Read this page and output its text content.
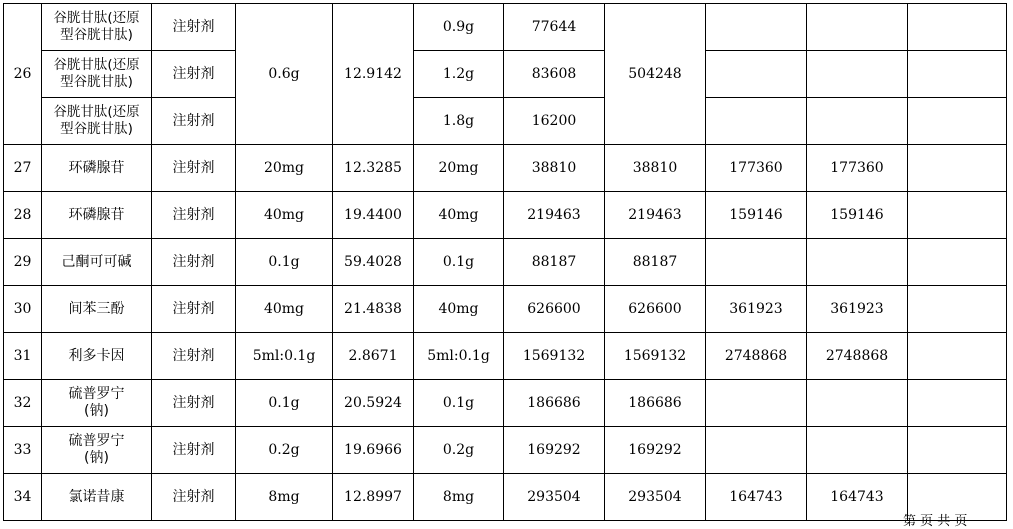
26	谷胱甘肽(还原
型谷胱甘肽)	注射剂	0.6g	12.9142	0.9g	77644	504248			
	谷胱甘肽(还原
型谷胱甘肽)	注射剂			1.2g	83608				
	谷胱甘肽(还原
型谷胱甘肽)	注射剂			1.8g	16200				
27	环磷腺苷	注射剂	20mg	12.3285	20mg	38810	38810	177360	177360	
28	环磷腺苷	注射剂	40mg	19.4400	40mg	219463	219463	159146	159146	
29	己酮可可碱	注射剂	0.1g	59.4028	0.1g	88187	88187			
30	间苯三酚	注射剂	40mg	21.4838	40mg	626600	626600	361923	361923	
31	利多卡因	注射剂	5ml:0.1g	2.8671	5ml:0.1g	1569132	1569132	2748868	2748868	
32	硫普罗宁
(钠)	注射剂	0.1g	20.5924	0.1g	186686	186686			
33	硫普罗宁
(钠)	注射剂	0.2g	19.6966	0.2g	169292	169292			
34	氯诺昔康	注射剂	8mg	12.8997	8mg	293504	293504	164743	164743	
第 页 共 页
